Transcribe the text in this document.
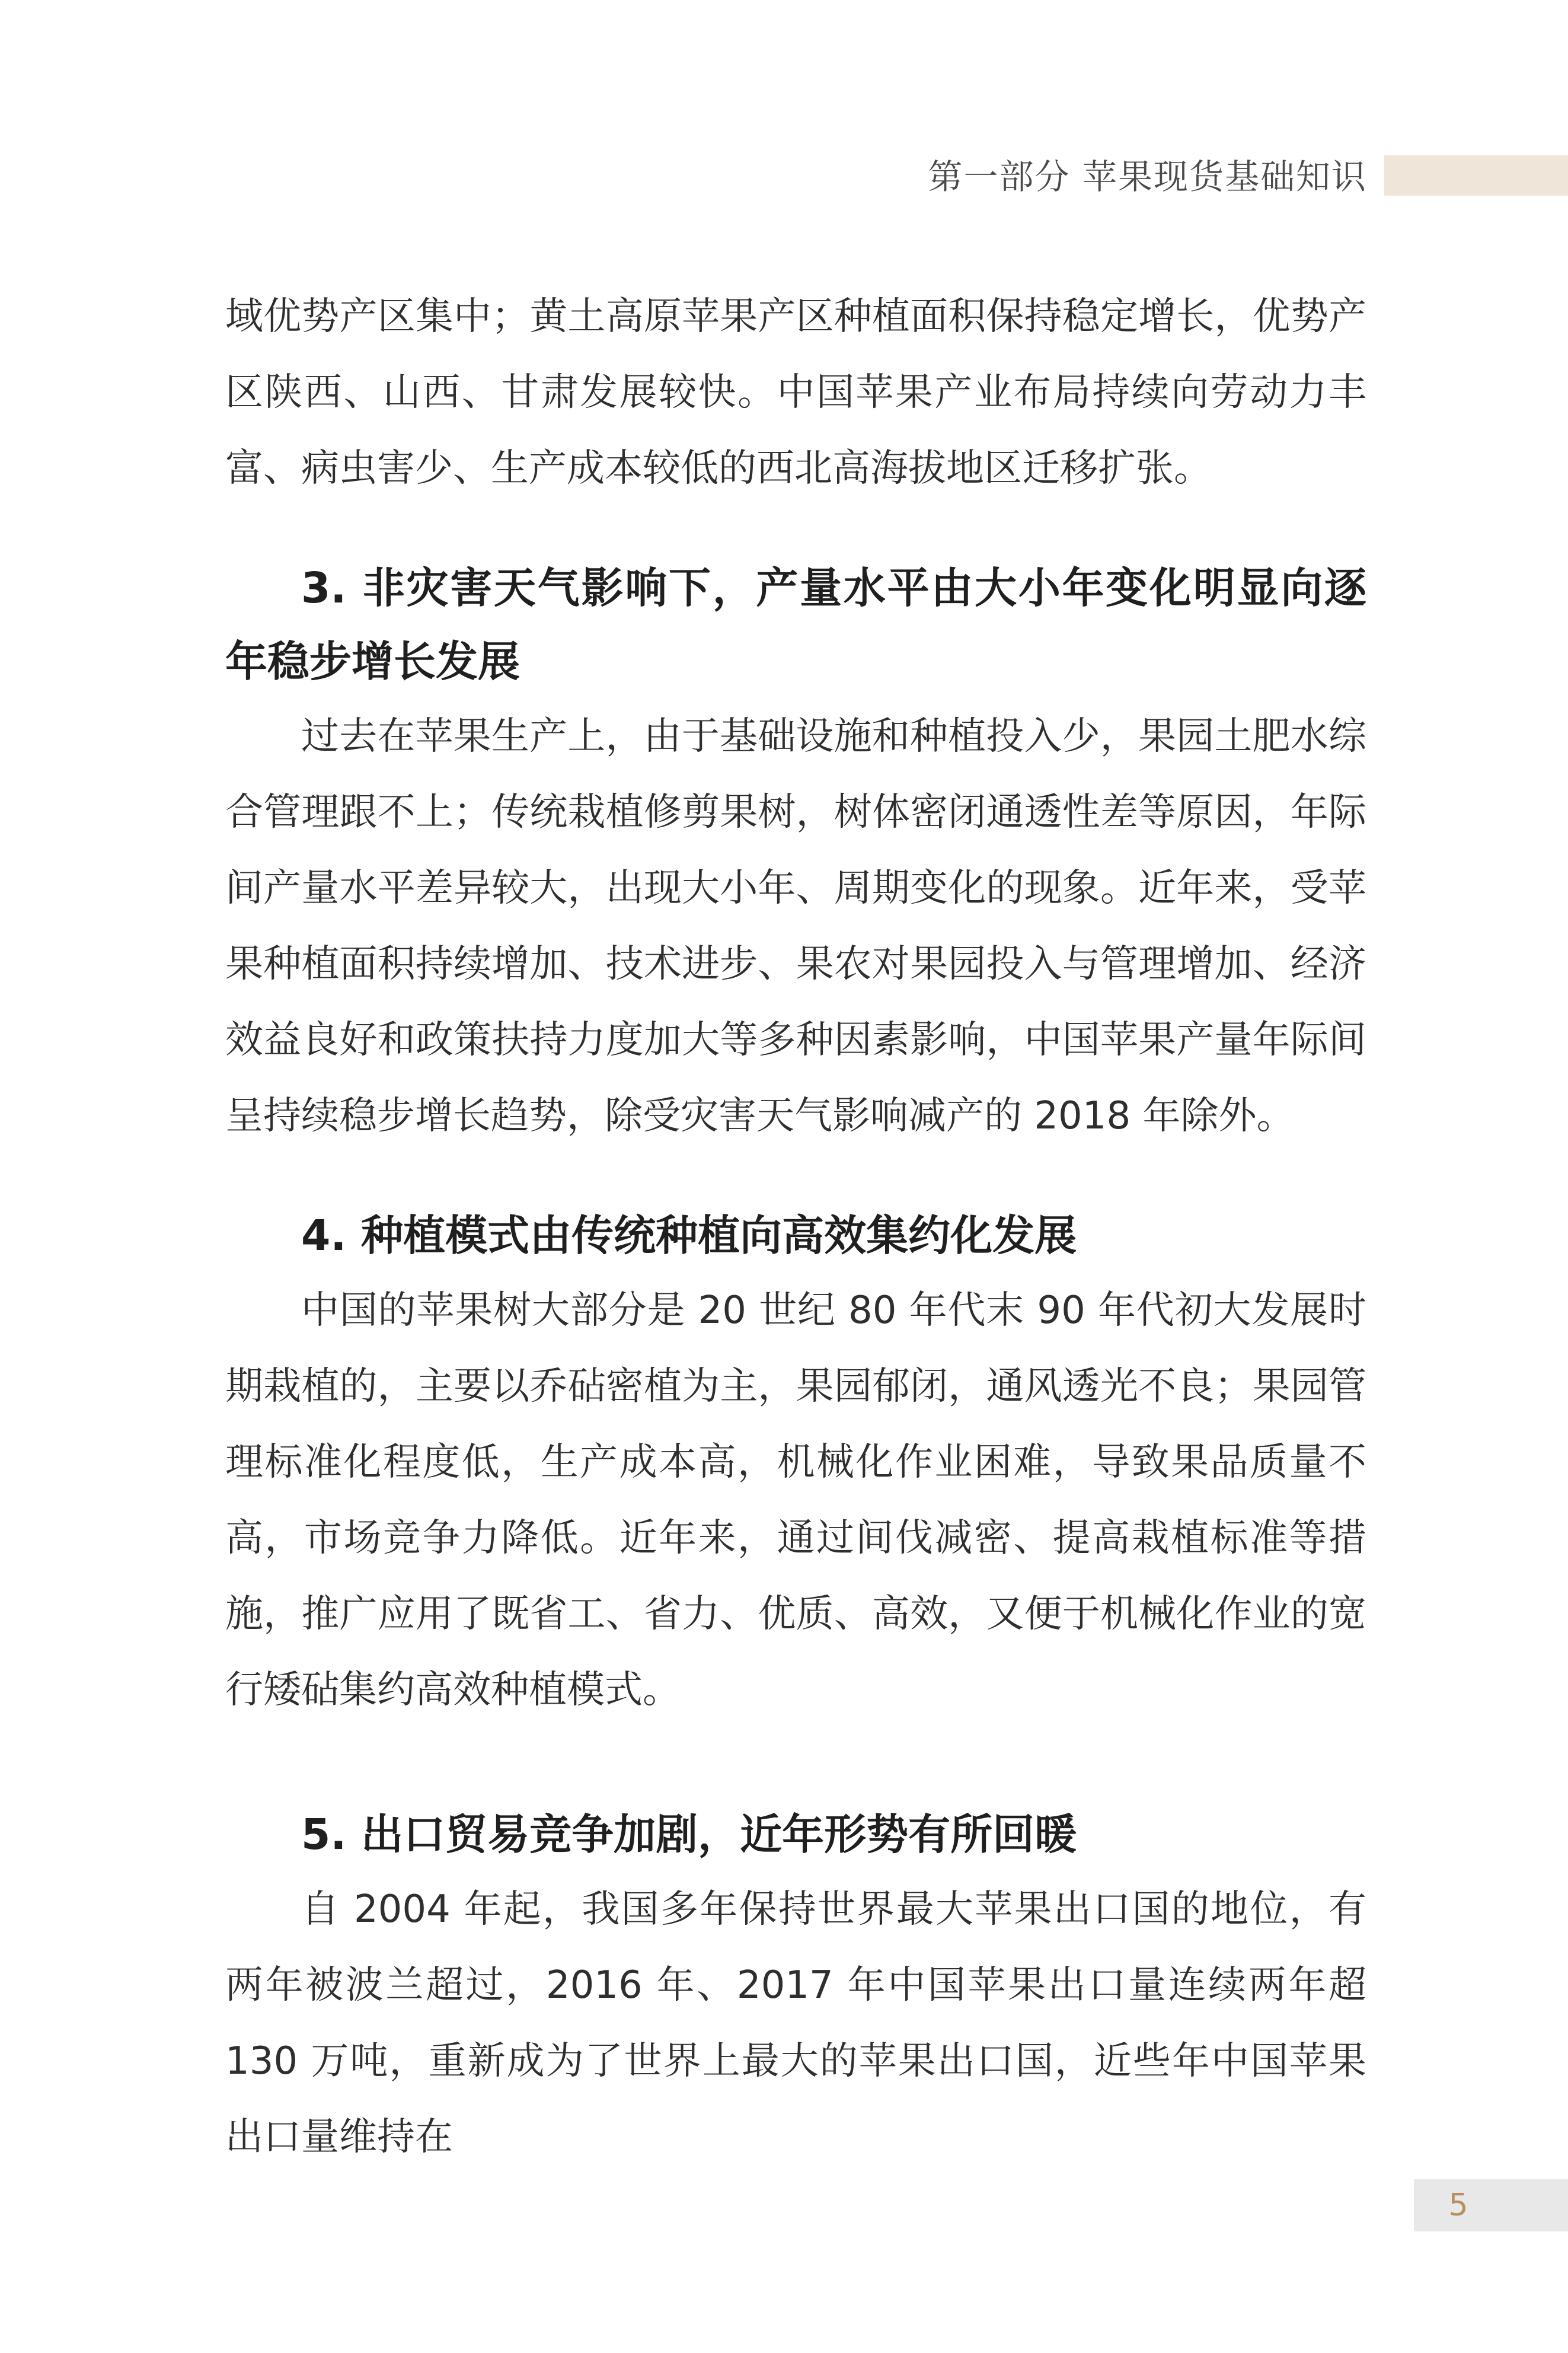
第一部分 苹果现货基础知识

域优势产区集中；黄土高原苹果产区种植面积保持稳定增长，优势产区陕西、山西、甘肃发展较快。中国苹果产业布局持续向劳动力丰富、病虫害少、生产成本较低的西北高海拔地区迁移扩张。

3. 非灾害天气影响下，产量水平由大小年变化明显向逐年稳步增长发展

过去在苹果生产上，由于基础设施和种植投入少，果园土肥水综合管理跟不上；传统栽植修剪果树，树体密闭通透性差等原因，年际间产量水平差异较大，出现大小年、周期变化的现象。近年来，受苹果种植面积持续增加、技术进步、果农对果园投入与管理增加、经济效益良好和政策扶持力度加大等多种因素影响，中国苹果产量年际间呈持续稳步增长趋势，除受灾害天气影响减产的 2018 年除外。

4. 种植模式由传统种植向高效集约化发展

中国的苹果树大部分是 20 世纪 80 年代末 90 年代初大发展时期栽植的，主要以乔砧密植为主，果园郁闭，通风透光不良；果园管理标准化程度低，生产成本高，机械化作业困难，导致果品质量不高，市场竞争力降低。近年来，通过间伐减密、提高栽植标准等措施，推广应用了既省工、省力、优质、高效，又便于机械化作业的宽行矮砧集约高效种植模式。

5. 出口贸易竞争加剧，近年形势有所回暖

自 2004 年起，我国多年保持世界最大苹果出口国的地位，有两年被波兰超过，2016 年、2017 年中国苹果出口量连续两年超 130 万吨，重新成为了世界上最大的苹果出口国，近些年中国苹果出口量维持在

5
